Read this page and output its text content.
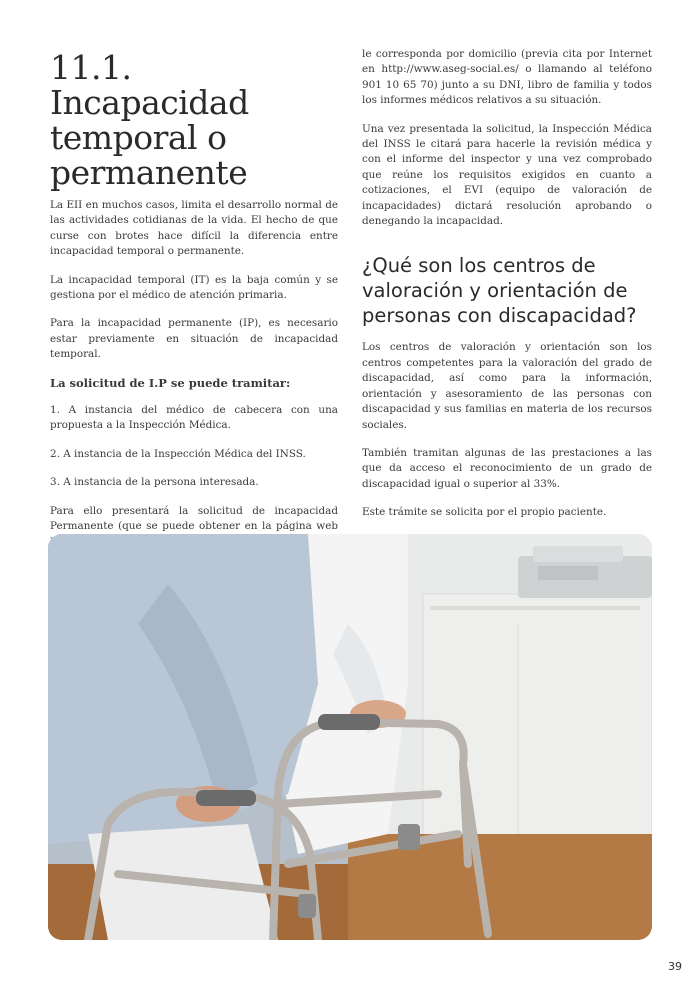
11.1. Incapacidad temporal o permanente

La EII en muchos casos, limita el desarrollo normal de las actividades cotidianas de la vida. El hecho de que curse con brotes hace difícil la diferencia entre incapacidad temporal o permanente.

La incapacidad temporal (IT) es la baja común y se gestiona por el médico de atención primaria.

Para la incapacidad permanente (IP), es necesario estar previamente en situación de incapacidad temporal.

La solicitud de I.P se puede tramitar:

1. A instancia del médico de cabecera con una propuesta a la Inspección Médica.

2. A instancia de la Inspección Médica del INSS.

3. A instancia de la persona interesada.

Para ello presentará la solicitud de incapacidad Permanente (que se puede obtener en la página web

le corresponda por domicilio (previa cita por Internet en http://www.aseg-social.es/ o llamando al teléfono 901 10 65 70) junto a su DNI, libro de familia y todos los informes médicos relativos a su situación.

Una vez presentada la solicitud, la Inspección Médica del INSS le citará para hacerle la revisión médica y con el informe del inspector y una vez comprobado que reúne los requisitos exigidos en cuanto a cotizaciones, el EVI (equipo de valoración de incapacidades) dictará resolución aprobando o denegando la incapacidad.

¿Qué son los centros de valoración y orientación de personas con discapacidad?

Los centros de valoración y orientación son los centros competentes para la valoración del grado de discapacidad, así como para la información, orientación y asesoramiento de las personas con discapacidad y sus familias en materia de los recursos sociales.

También tramitan algunas de las prestaciones a las que da acceso el reconocimiento de un grado de discapacidad igual o superior al 33%.

Este trámite se solicita por el propio paciente.

39
